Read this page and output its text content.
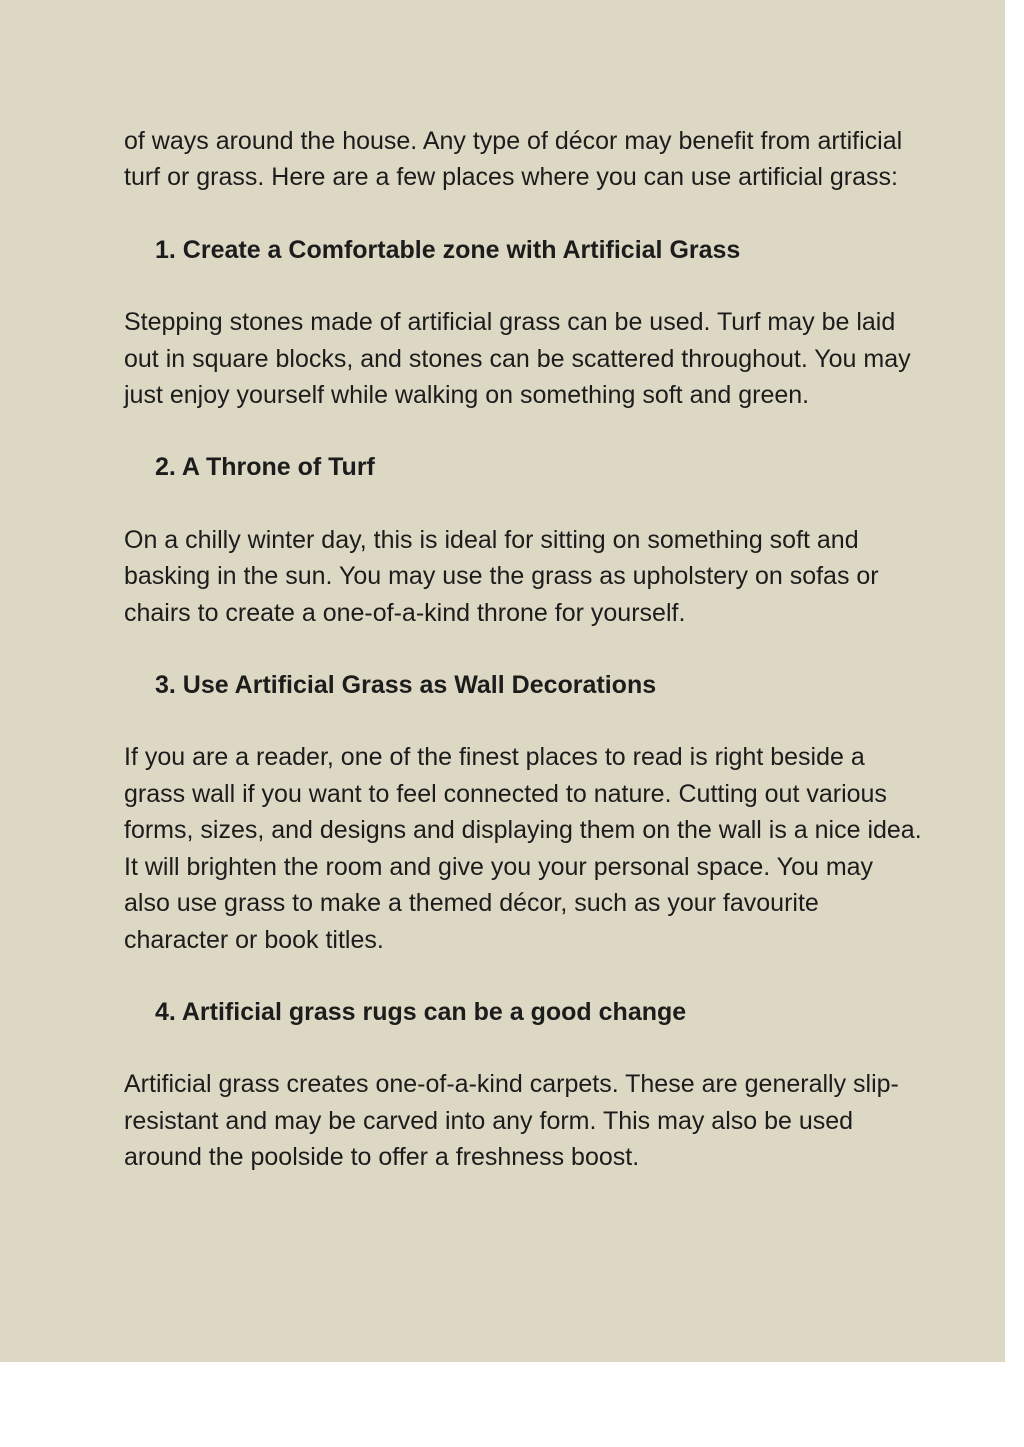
of ways around the house. Any type of décor may benefit from artificial turf or grass. Here are a few places where you can use artificial grass:

1. Create a Comfortable zone with Artificial Grass

Stepping stones made of artificial grass can be used. Turf may be laid out in square blocks, and stones can be scattered throughout. You may just enjoy yourself while walking on something soft and green.

2. A Throne of Turf

On a chilly winter day, this is ideal for sitting on something soft and basking in the sun. You may use the grass as upholstery on sofas or chairs to create a one-of-a-kind throne for yourself.

3. Use Artificial Grass as Wall Decorations

If you are a reader, one of the finest places to read is right beside a grass wall if you want to feel connected to nature. Cutting out various forms, sizes, and designs and displaying them on the wall is a nice idea. It will brighten the room and give you your personal space. You may also use grass to make a themed décor, such as your favourite character or book titles.

4. Artificial grass rugs can be a good change

Artificial grass creates one-of-a-kind carpets. These are generally slip-resistant and may be carved into any form. This may also be used around the poolside to offer a freshness boost.
